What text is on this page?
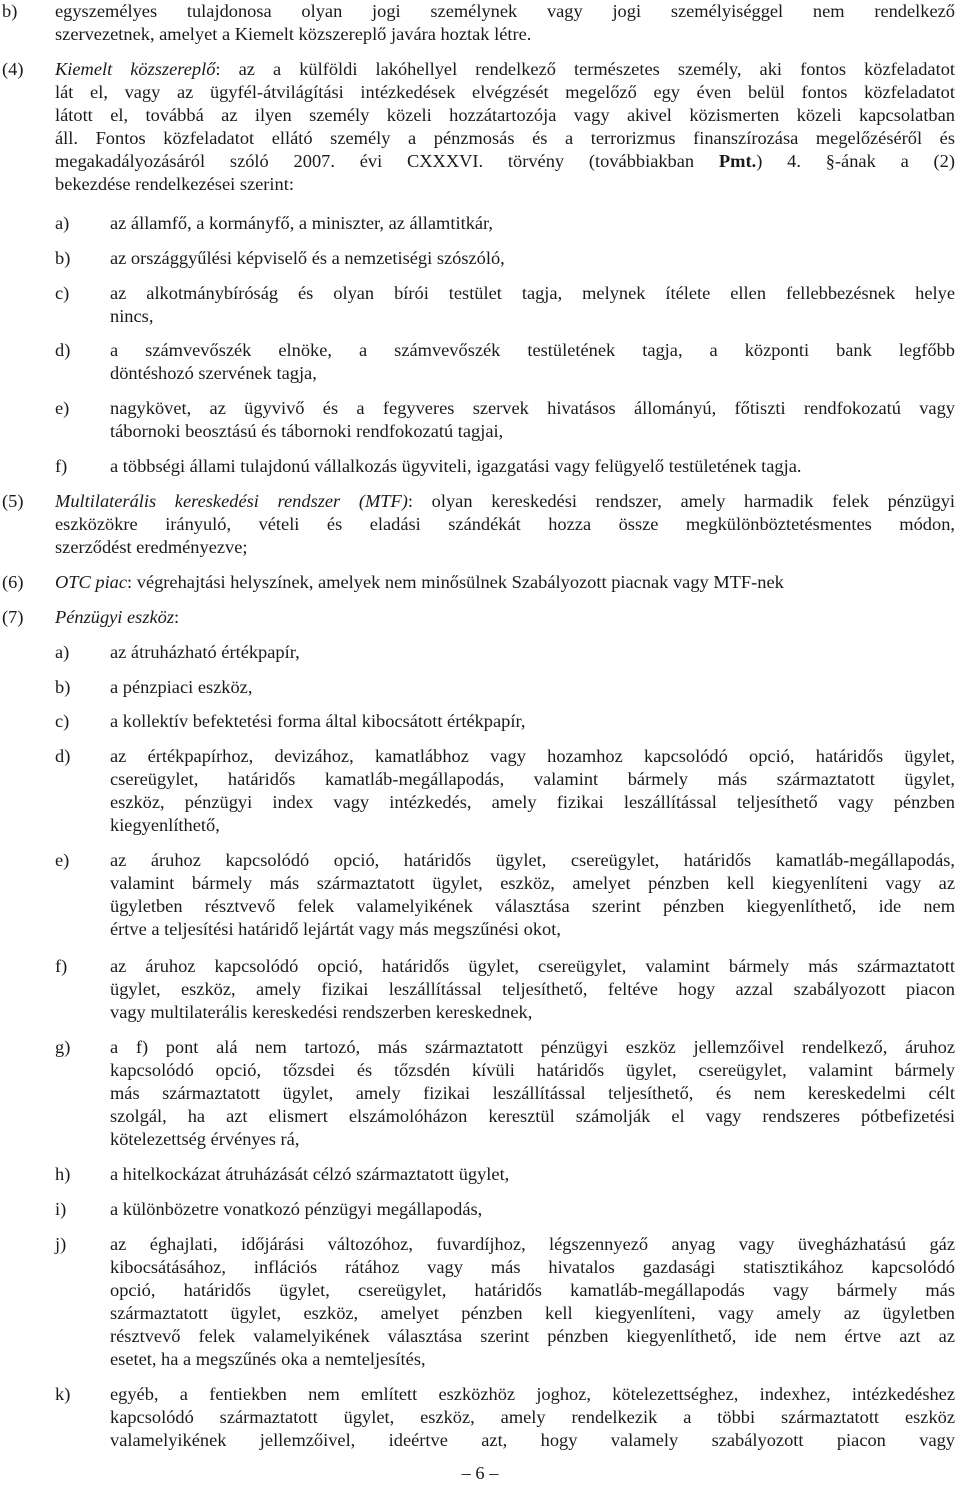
b) egyszemélyes tulajdonosa olyan jogi személynek vagy jogi személyiséggel nem rendelkező
szervezetnek, amelyet a Kiemelt közszereplő javára hoztak létre.
(4) Kiemelt közszereplő: az a külföldi lakóhellyel rendelkező természetes személy, aki fontos közfeladatot
lát el, vagy az ügyfél-átvilágítási intézkedések elvégzését megelőző egy éven belül fontos közfeladatot
látott el, továbbá az ilyen személy közeli hozzátartozója vagy akivel közismerten közeli kapcsolatban
áll. Fontos közfeladatot ellátó személy a pénzmosás és a terrorizmus finanszírozása megelőzéséről és
megakadályozásáról szóló 2007. évi CXXXVI. törvény (továbbiakban Pmt.) 4. §-ának a (2)
bekezdése rendelkezései szerint:
a) az államfő, a kormányfő, a miniszter, az államtitkár,
b) az országgyűlési képviselő és a nemzetiségi szószóló,
c) az alkotmánybíróság és olyan bírói testület tagja, melynek ítélete ellen fellebbezésnek helye
nincs,
d) a számvevőszék elnöke, a számvevőszék testületének tagja, a központi bank legfőbb
döntéshozó szervének tagja,
e) nagykövet, az ügyvivő és a fegyveres szervek hivatásos állományú, főtiszti rendfokozatú vagy
tábornoki beosztású és tábornoki rendfokozatú tagjai,
f) a többségi állami tulajdonú vállalkozás ügyviteli, igazgatási vagy felügyelő testületének tagja.
(5) Multilaterális kereskedési rendszer (MTF): olyan kereskedési rendszer, amely harmadik felek pénzügyi
eszközökre irányuló, vételi és eladási szándékát hozza össze megkülönböztetésmentes módon,
szerződést eredményezve;
(6) OTC piac: végrehajtási helyszínek, amelyek nem minősülnek Szabályozott piacnak vagy MTF-nek
(7) Pénzügyi eszköz:
a) az átruházható értékpapír,
b) a pénzpiaci eszköz,
c) a kollektív befektetési forma által kibocsátott értékpapír,
d) az értékpapírhoz, devizához, kamatlábhoz vagy hozamhoz kapcsolódó opció, határidős ügylet,
csereügylet, határidős kamatláb-megállapodás, valamint bármely más származtatott ügylet,
eszköz, pénzügyi index vagy intézkedés, amely fizikai leszállítással teljesíthető vagy pénzben
kiegyenlíthető,
e) az áruhoz kapcsolódó opció, határidős ügylet, csereügylet, határidős kamatláb-megállapodás,
valamint bármely más származtatott ügylet, eszköz, amelyet pénzben kell kiegyenlíteni vagy az
ügyletben résztvevő felek valamelyikének választása szerint pénzben kiegyenlíthető, ide nem
értve a teljesítési határidő lejártát vagy más megszűnési okot,
f) az áruhoz kapcsolódó opció, határidős ügylet, csereügylet, valamint bármely más származtatott
ügylet, eszköz, amely fizikai leszállítással teljesíthető, feltéve hogy azzal szabályozott piacon
vagy multilaterális kereskedési rendszerben kereskednek,
g) a f) pont alá nem tartozó, más származtatott pénzügyi eszköz jellemzőivel rendelkező, áruhoz
kapcsolódó opció, tőzsdei és tőzsdén kívüli határidős ügylet, csereügylet, valamint bármely
más származtatott ügylet, amely fizikai leszállítással teljesíthető, és nem kereskedelmi célt
szolgál, ha azt elismert elszámolóházon keresztül számolják el vagy rendszeres pótbefizetési
kötelezettség érvényes rá,
h) a hitelkockázat átruházását célzó származtatott ügylet,
i) a különbözetre vonatkozó pénzügyi megállapodás,
j) az éghajlati, időjárási változóhoz, fuvardíjhoz, légszennyező anyag vagy üvegházhatású gáz
kibocsátásához, inflációs rátához vagy más hivatalos gazdasági statisztikához kapcsolódó
opció, határidős ügylet, csereügylet, határidős kamatláb-megállapodás vagy bármely más
származtatott ügylet, eszköz, amelyet pénzben kell kiegyenlíteni, vagy amely az ügyletben
résztvevő felek valamelyikének választása szerint pénzben kiegyenlíthető, ide nem értve azt az
esetet, ha a megszűnés oka a nemteljesítés,
k) egyéb, a fentiekben nem említett eszközhöz joghoz, kötelezettséghez, indexhez, intézkedéshez
kapcsolódó származtatott ügylet, eszköz, amely rendelkezik a többi származtatott eszköz
valamelyikének jellemzőivel, ideértve azt, hogy valamely szabályozott piacon vagy
– 6 –
